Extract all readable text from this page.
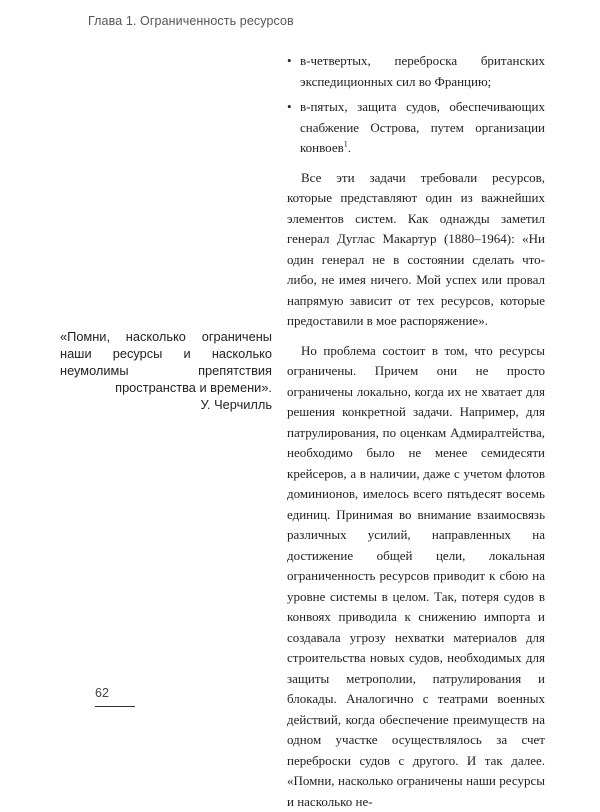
Глава 1. Ограниченность ресурсов
«Помни, насколько ограничены наши ресурсы и насколько неумолимы препятствия пространства и времени».
У. Черчилль

• в-четвертых, переброска британских экспедиционных сил во Францию;

• в-пятых, защита судов, обеспечивающих снабжение Острова, путем организации конвоев$^1$.

Все эти задачи требовали ресурсов, которые представляют один из важнейших элементов систем. Как однажды заметил генерал Дуглас Макартур (1880–1964): «Ни один генерал не в состоянии сделать что-либо, не имея ничего. Мой успех или провал напрямую зависит от тех ресурсов, которые предоставили в мое распоряжение».

Но проблема состоит в том, что ресурсы ограничены. Причем они не просто ограничены локально, когда их не хватает для решения конкретной задачи. Например, для патрулирования, по оценкам Адмиралтейства, необходимо было не менее семидесяти крейсеров, а в наличии, даже с учетом флотов доминионов, имелось всего пятьдесят восемь единиц. Принимая во внимание взаимосвязь различных усилий, направленных на достижение общей цели, локальная ограниченность ресурсов приводит к сбою на уровне системы в целом. Так, потеря судов в конвоях приводила к снижению импорта и создавала угрозу нехватки материалов для строительства новых судов, необходимых для защиты метрополии, патрулирования и блокады. Аналогично с театрами военных действий, когда обеспечение преимуществ на одном участке осуществлялось за счет переброски судов с другого. И так далее. «Помни, насколько ограничены наши ресурсы и насколько не-

62
